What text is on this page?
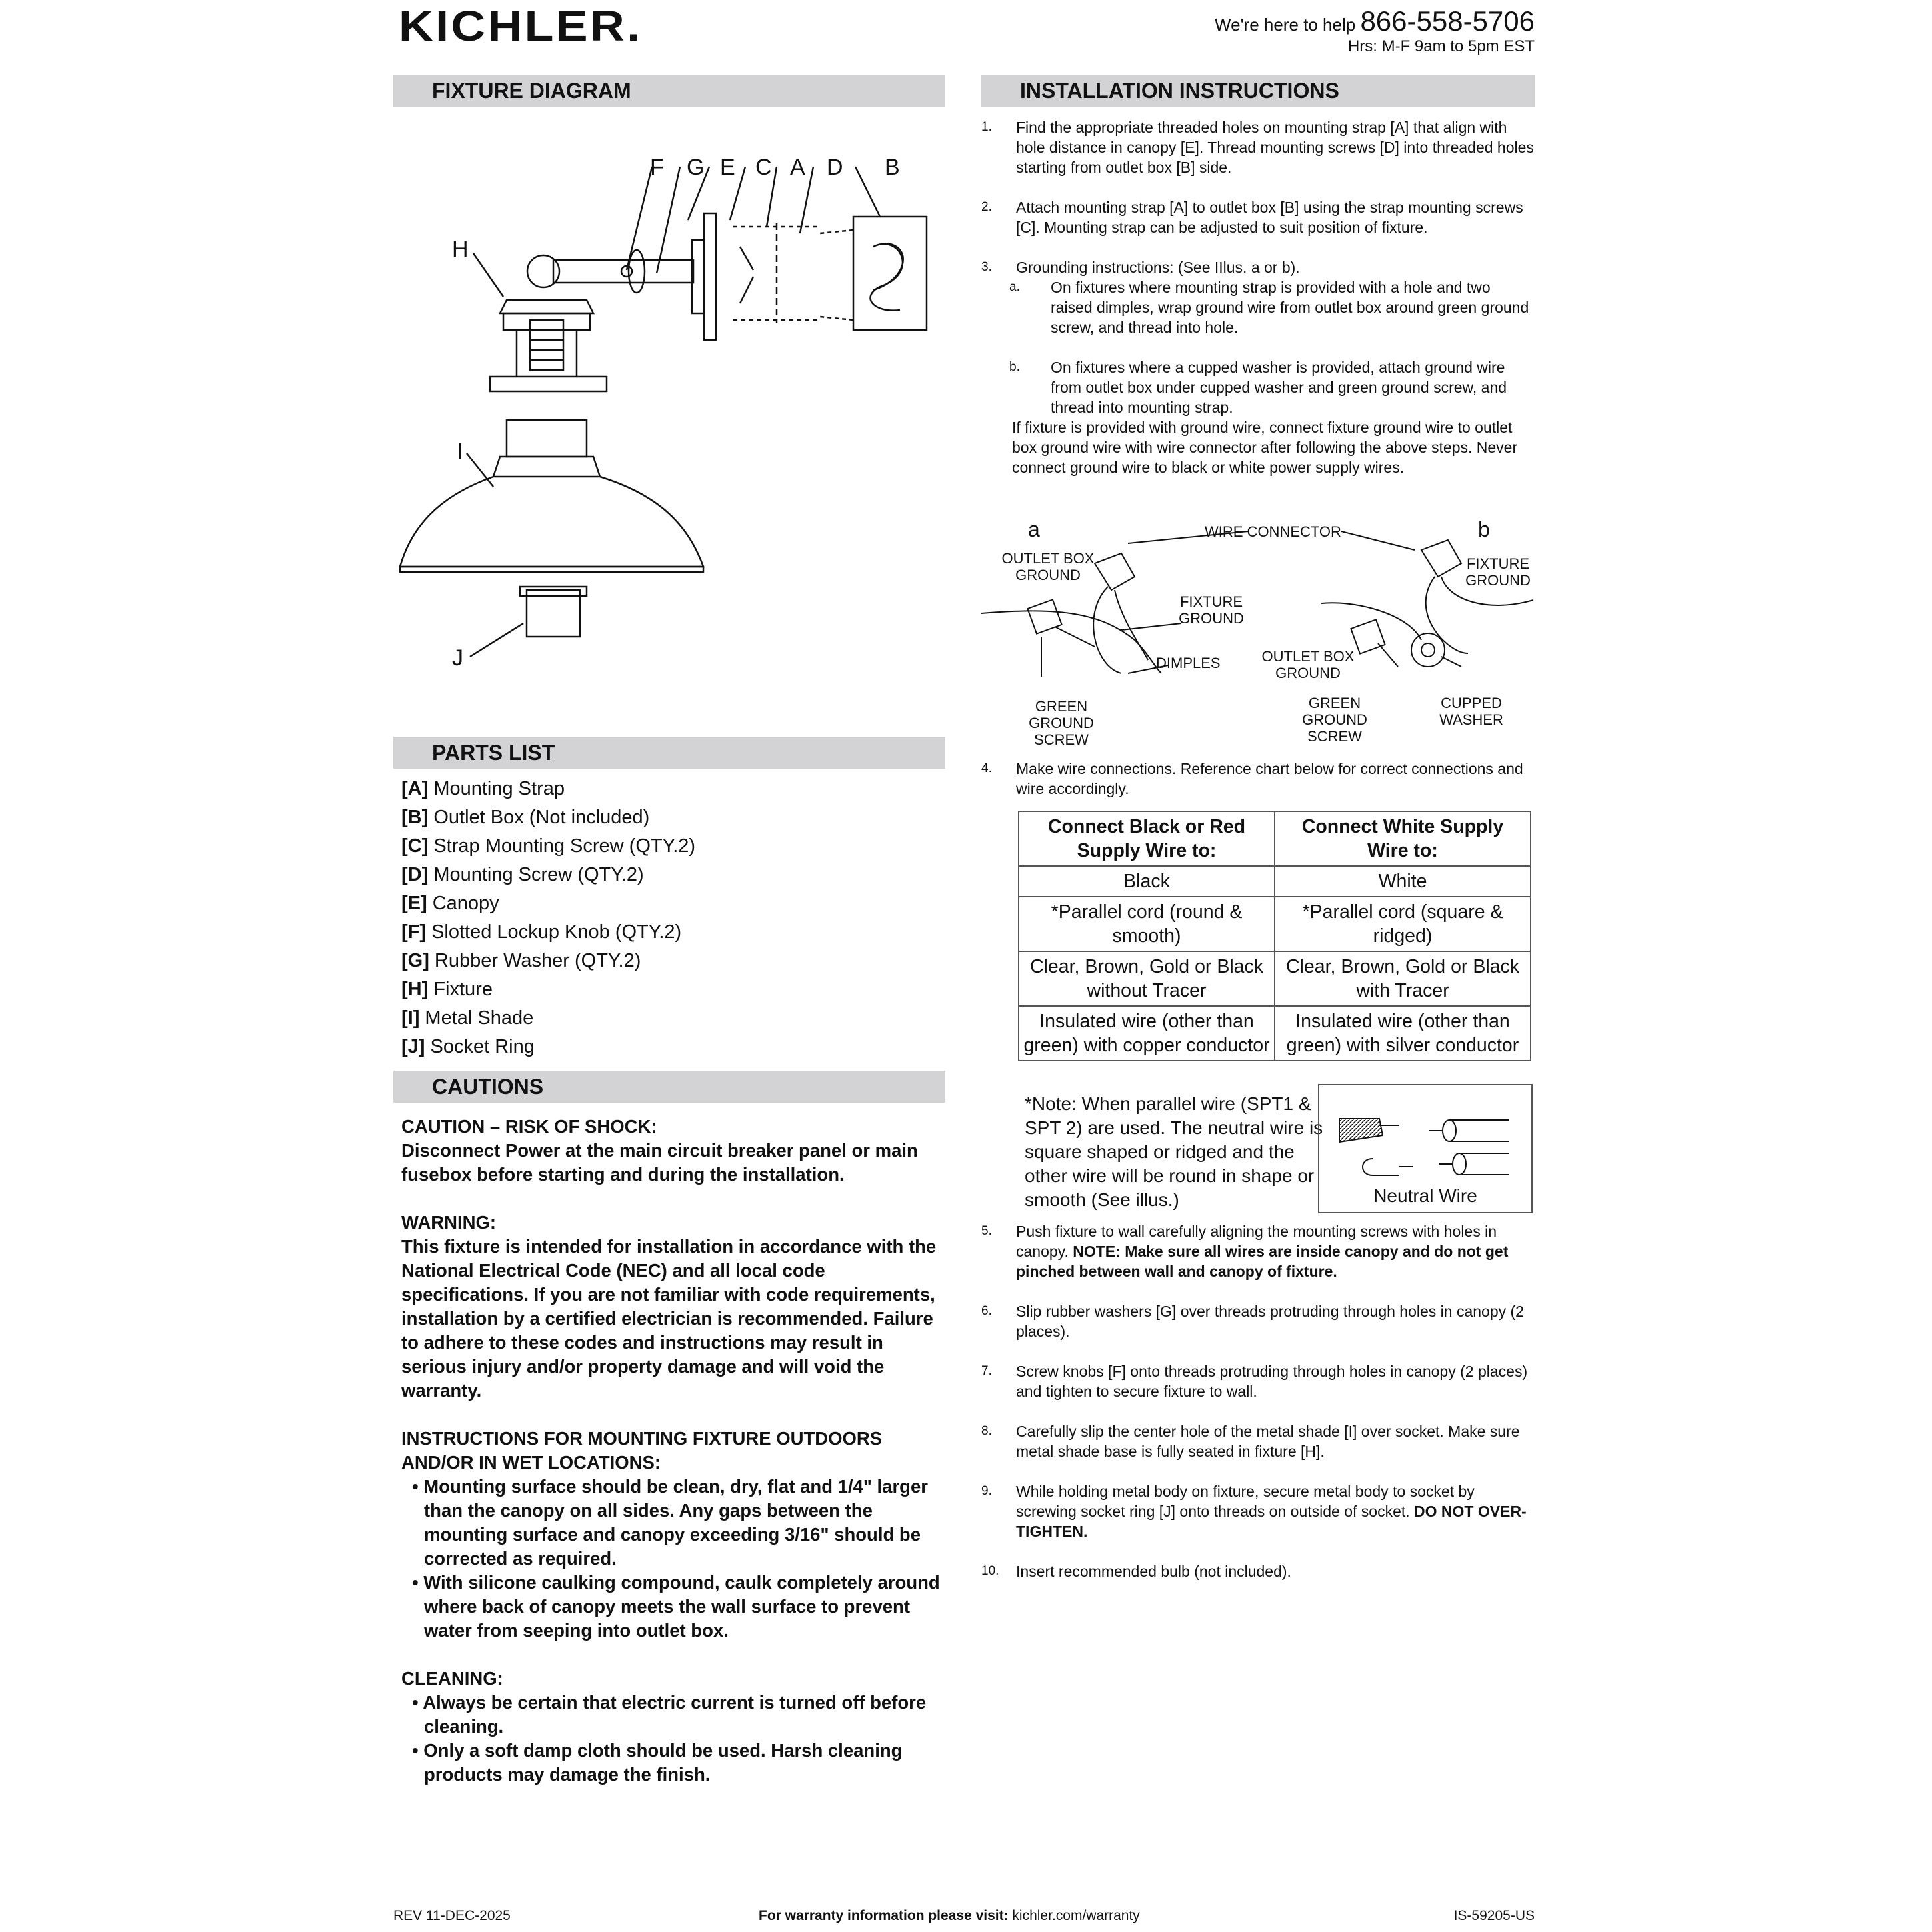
KICHLER.	We're here to help 866-558-5706
Hrs: M-F 9am to 5pm EST
FIXTURE DIAGRAM	INSTALLATION INSTRUCTIONS
PARTS LIST
CAUTIONS
F G E C A D B
H
I
J
[A] Mounting Strap
[B] Outlet Box (Not included)
[C] Strap Mounting Screw (QTY.2)
[D] Mounting Screw (QTY.2)
[E] Canopy
[F] Slotted Lockup Knob (QTY.2)
[G] Rubber Washer (QTY.2)
[H] Fixture
[I] Metal Shade
[J] Socket Ring

CAUTION – RISK OF SHOCK:
Disconnect Power at the main circuit breaker panel or main fusebox before starting and during the installation.

WARNING:
This fixture is intended for installation in accordance with the National Electrical Code (NEC) and all local code specifications. If you are not familiar with code requirements, installation by a certified electrician is recommended. Failure to adhere to these codes and instructions may result in serious injury and/or property damage and will void the warranty.

INSTRUCTIONS FOR MOUNTING FIXTURE OUTDOORS AND/OR IN WET LOCATIONS:
• Mounting surface should be clean, dry, flat and 1/4" larger than the canopy on all sides. Any gaps between the mounting surface and canopy exceeding 3/16" should be corrected as required.
• With silicone caulking compound, caulk completely around where back of canopy meets the wall surface to prevent water from seeping into outlet box.
CLEANING:
• Always be certain that electric current is turned off before cleaning.
• Only a soft damp cloth should be used. Harsh cleaning products may damage the finish.
1. Find the appropriate threaded holes on mounting strap [A] that align with hole distance in canopy [E]. Thread mounting screws [D] into threaded holes starting from outlet box [B] side.
2. Attach mounting strap [A] to outlet box [B] using the strap mounting screws [C]. Mounting strap can be adjusted to suit position of fixture.
3. Grounding instructions: (See IIlus. a or b).
a. On fixtures where mounting strap is provided with a hole and two raised dimples, wrap ground wire from outlet box around green ground screw, and thread into hole.
b. On fixtures where a cupped washer is provided, attach ground wire from outlet box under cupped washer and green ground screw, and thread into mounting strap.
If fixture is provided with ground wire, connect fixture ground wire to outlet box ground wire with wire connector after following the above steps. Never connect ground wire to black or white power supply wires.
a	b
WIRE CONNECTOR
OUTLET BOX GROUND
FIXTURE GROUND
DIMPLES
GREEN GROUND SCREW
FIXTURE GROUND
OUTLET BOX GROUND
GREEN GROUND SCREW
CUPPED WASHER
4. Make wire connections. Reference chart below for correct connections and wire accordingly.
Connect Black or Red Supply Wire to:	Connect White Supply Wire to:
Black	White
*Parallel cord (round & smooth)	*Parallel cord (square & ridged)
Clear, Brown, Gold or Black without Tracer	Clear, Brown, Gold or Black with Tracer
Insulated wire (other than green) with copper conductor	Insulated wire (other than green) with silver conductor
*Note: When parallel wire (SPT1 & SPT 2) are used. The neutral wire is square shaped or ridged and the other wire will be round in shape or smooth (See illus.)	Neutral Wire
5. Push fixture to wall carefully aligning the mounting screws with holes in canopy. NOTE: Make sure all wires are inside canopy and do not get pinched between wall and canopy of fixture.
6. Slip rubber washers [G] over threads protruding through holes in canopy (2 places).
7. Screw knobs [F] onto threads protruding through holes in canopy (2 places) and tighten to secure fixture to wall.
8. Carefully slip the center hole of the metal shade [I] over socket. Make sure metal shade base is fully seated in fixture [H].
9. While holding metal body on fixture, secure metal body to socket by screwing socket ring [J] onto threads on outside of socket. DO NOT OVER-TIGHTEN.
10. Insert recommended bulb (not included).
REV 11-DEC-2025	For warranty information please visit: kichler.com/warranty	IS-59205-US
